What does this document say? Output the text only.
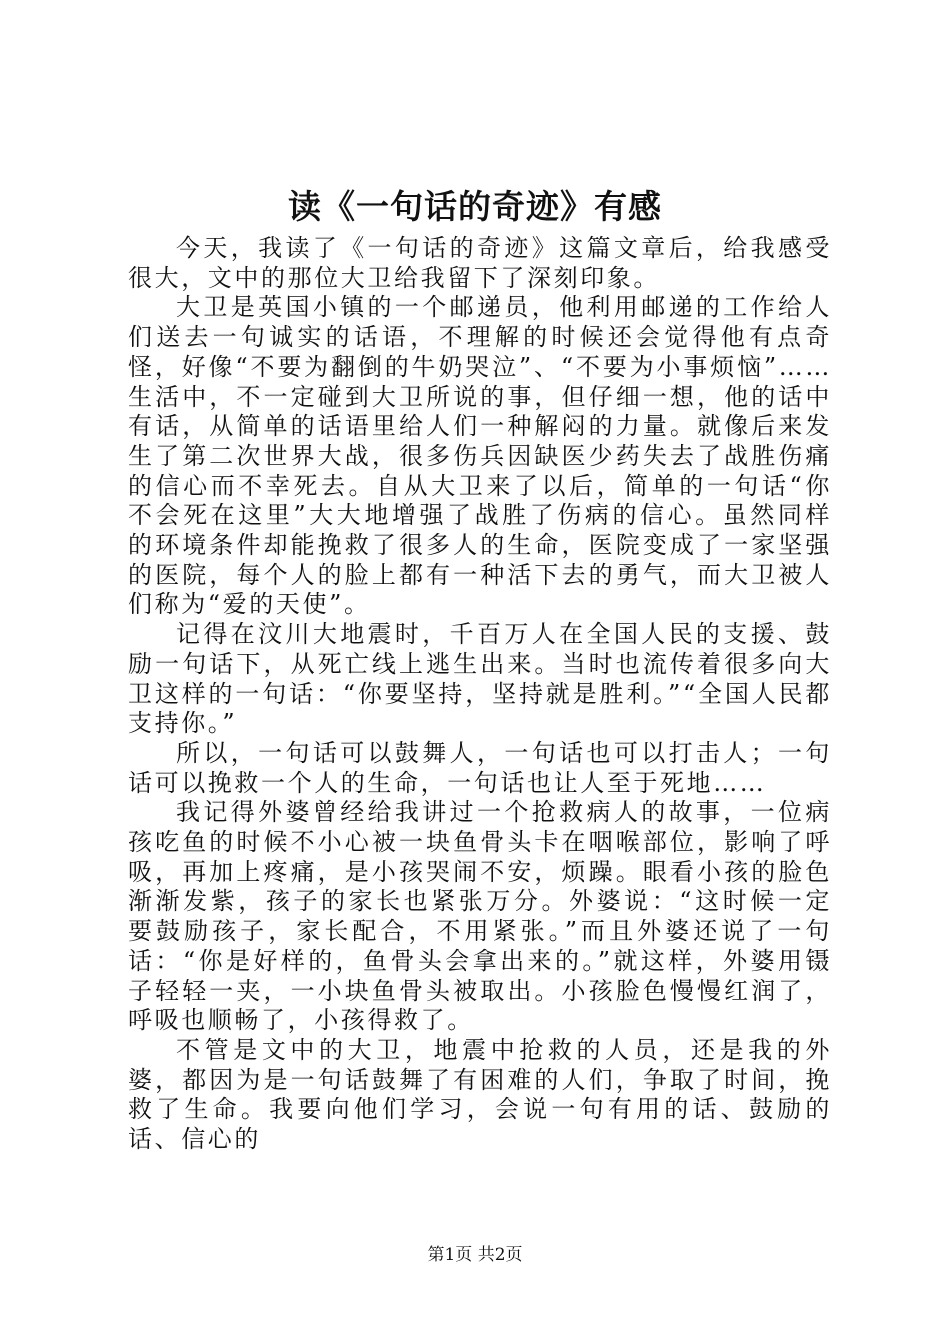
读《一句话的奇迹》有感

今天，我读了《一句话的奇迹》这篇文章后，给我感受很大，文中的那位大卫给我留下了深刻印象。

大卫是英国小镇的一个邮递员，他利用邮递的工作给人们送去一句诚实的话语，不理解的时候还会觉得他有点奇怪，好像“不要为翻倒的牛奶哭泣”、“不要为小事烦恼”……生活中，不一定碰到大卫所说的事，但仔细一想，他的话中有话，从简单的话语里给人们一种解闷的力量。就像后来发生了第二次世界大战，很多伤兵因缺医少药失去了战胜伤痛的信心而不幸死去。自从大卫来了以后，简单的一句话“你不会死在这里”大大地增强了战胜了伤病的信心。虽然同样的环境条件却能挽救了很多人的生命，医院变成了一家坚强的医院，每个人的脸上都有一种活下去的勇气，而大卫被人们称为“爱的天使”。

记得在汶川大地震时，千百万人在全国人民的支援、鼓励一句话下，从死亡线上逃生出来。当时也流传着很多向大卫这样的一句话：“你要坚持，坚持就是胜利。”“全国人民都支持你。”

所以，一句话可以鼓舞人，一句话也可以打击人；一句话可以挽救一个人的生命，一句话也让人至于死地……

我记得外婆曾经给我讲过一个抢救病人的故事，一位病孩吃鱼的时候不小心被一块鱼骨头卡在咽喉部位，影响了呼吸，再加上疼痛，是小孩哭闹不安，烦躁。眼看小孩的脸色渐渐发紫，孩子的家长也紧张万分。外婆说：“这时候一定要鼓励孩子，家长配合，不用紧张。”而且外婆还说了一句话：“你是好样的，鱼骨头会拿出来的。”就这样，外婆用镊子轻轻一夹，一小块鱼骨头被取出。小孩脸色慢慢红润了，呼吸也顺畅了，小孩得救了。

不管是文中的大卫，地震中抢救的人员，还是我的外婆，都因为是一句话鼓舞了有困难的人们，争取了时间，挽救了生命。我要向他们学习，会说一句有用的话、鼓励的话、信心的

第1页 共2页
